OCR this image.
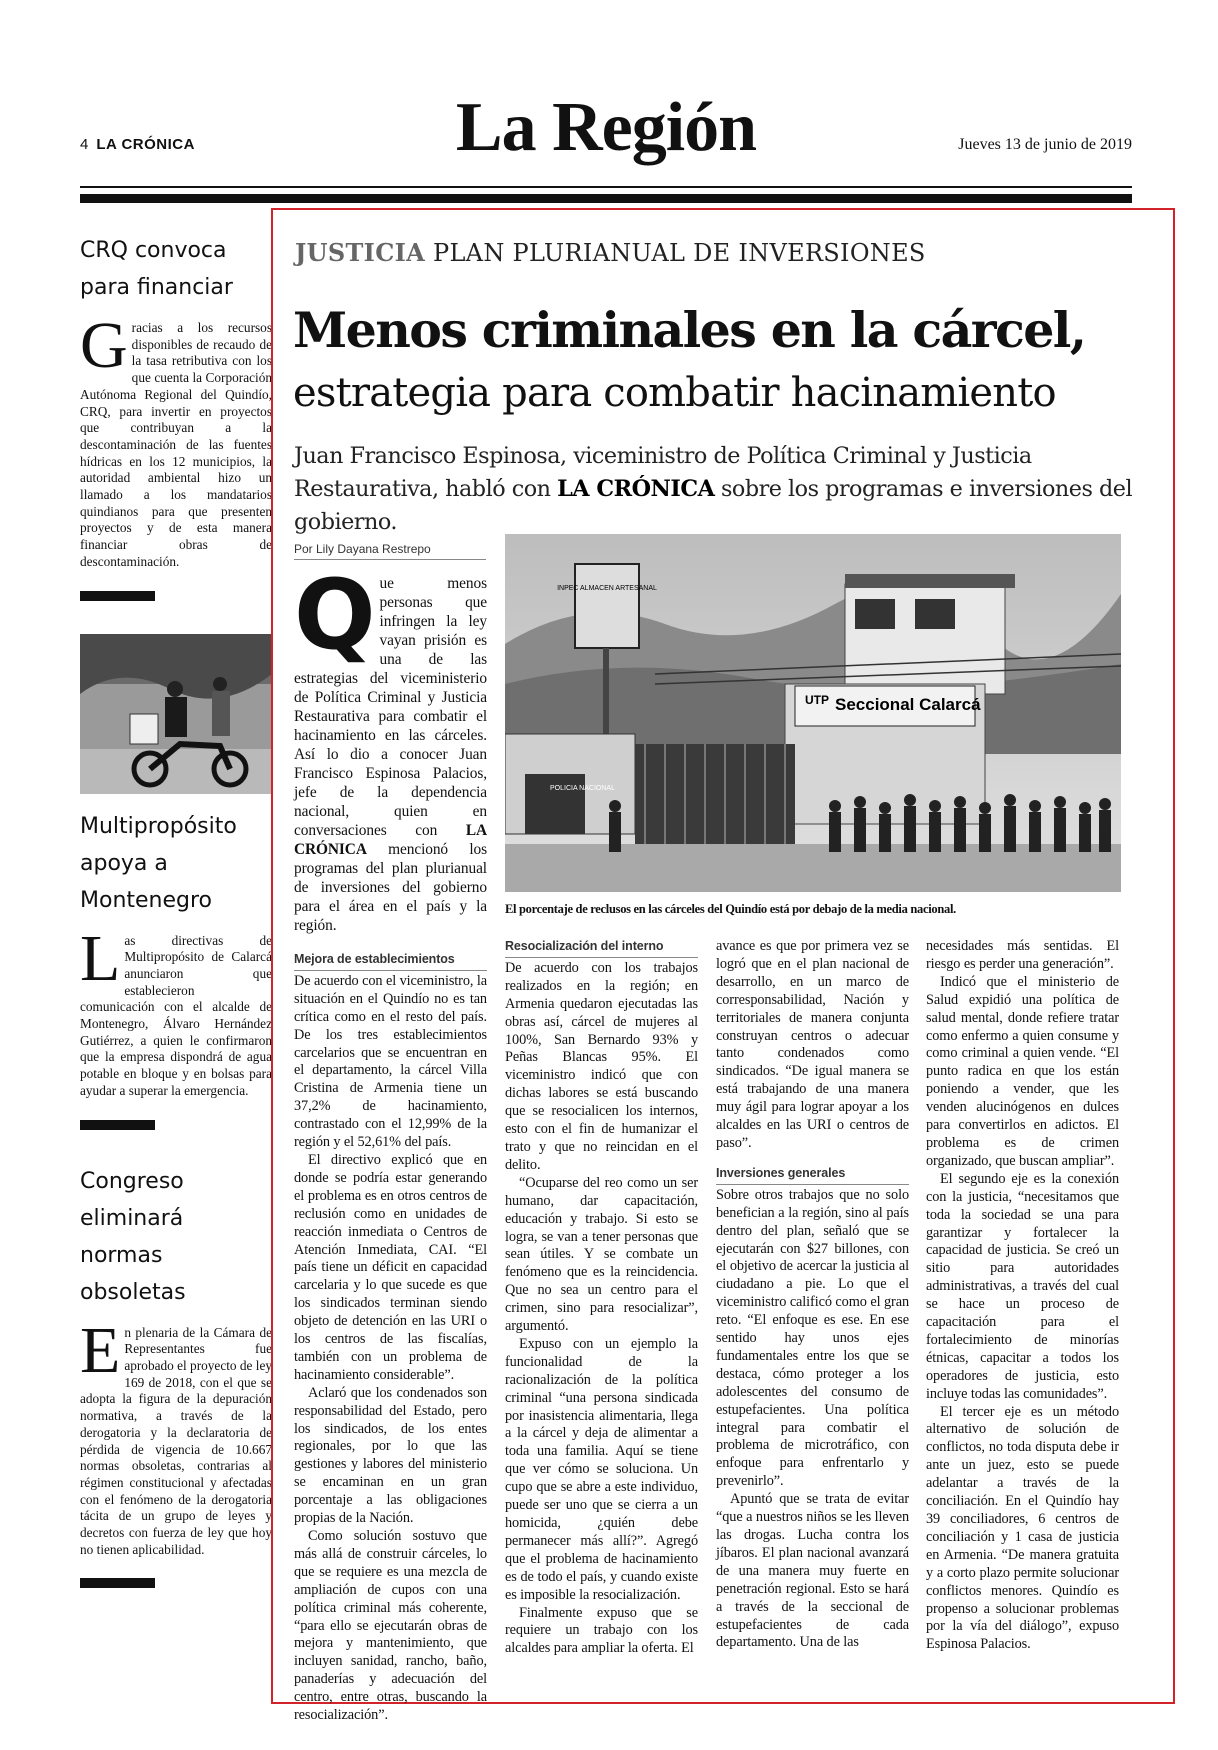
4 LA CRÓNICA	La Región	Jueves 13 de junio de 2019
CRQ convoca para financiar

Gracias a los recursos disponibles de recaudo de la tasa retributiva con los que cuenta la Corporación Autónoma Regional del Quindío, CRQ, para invertir en proyectos que contribuyan a la descontaminación de las fuentes hídricas en los 12 municipios, la autoridad ambiental hizo un llamado a los mandatarios quindianos para que presenten proyectos y de esta manera financiar obras de descontaminación.

Multipropósito apoya a Montenegro

Las directivas de Multipropósito de Calarcá anunciaron que establecieron comunicación con el alcalde de Montenegro, Álvaro Hernández Gutiérrez, a quien le confirmaron que la empresa dispondrá de agua potable en bloque y en bolsas para ayudar a superar la emergencia.

Congreso eliminará normas obsoletas

En plenaria de la Cámara de Representantes fue aprobado el proyecto de ley 169 de 2018, con el que se adopta la figura de la depuración normativa, a través de la derogatoria y la declaratoria de pérdida de vigencia de 10.667 normas obsoletas, contrarias al régimen constitucional y afectadas con el fenómeno de la derogatoria tácita de un grupo de leyes y decretos con fuerza de ley que hoy no tienen aplicabilidad.

JUSTICIA PLAN PLURIANUAL DE INVERSIONES
Menos criminales en la cárcel,
estrategia para combatir hacinamiento
Juan Francisco Espinosa, viceministro de Política Criminal y Justicia Restaurativa, habló con LA CRÓNICA sobre los programas e inversiones del gobierno.
Por Lily Dayana Restrepo
INPEC ALMACEN ARTESANAL
UTP Seccional Calarcá
POLICIA NACIONAL
El porcentaje de reclusos en las cárceles del Quindío está por debajo de la media nacional.

Que menos personas que infringen la ley vayan prisión es una de las estrategias del viceministerio de Política Criminal y Justicia Restaurativa para combatir el hacinamiento en las cárceles. Así lo dio a conocer Juan Francisco Espinosa Palacios, jefe de la dependencia nacional, quien en conversaciones con LA CRÓNICA mencionó los programas del plan plurianual de inversiones del gobierno para el área en el país y la región.

Mejora de establecimientos

De acuerdo con el viceministro, la situación en el Quindío no es tan crítica como en el resto del país. De los tres establecimientos carcelarios que se encuentran en el departamento, la cárcel Villa Cristina de Armenia tiene un 37,2% de hacinamiento, contrastado con el 12,99% de la región y el 52,61% del país.

El directivo explicó que en donde se podría estar generando el problema es en otros centros de reclusión como en unidades de reacción inmediata o Centros de Atención Inmediata, CAI. “El país tiene un déficit en capacidad carcelaria y lo que sucede es que los sindicados terminan siendo objeto de detención en las URI o los centros de las fiscalías, también con un problema de hacinamiento considerable”.

Aclaró que los condenados son responsabilidad del Estado, pero los sindicados, de los entes regionales, por lo que las gestiones y labores del ministerio se encaminan en un gran porcentaje a las obligaciones propias de la Nación.

Como solución sostuvo que más allá de construir cárceles, lo que se requiere es una mezcla de ampliación de cupos con una política criminal más coherente, “para ello se ejecutarán obras de mejora y mantenimiento, que incluyen sanidad, rancho, baño, panaderías y adecuación del centro, entre otras, buscando la resocialización”.

Resocialización del interno

De acuerdo con los trabajos realizados en la región; en Armenia quedaron ejecutadas las obras así, cárcel de mujeres al 100%, San Bernardo 93% y Peñas Blancas 95%. El viceministro indicó que con dichas labores se está buscando que se resocialicen los internos, esto con el fin de humanizar el trato y que no reincidan en el delito.

“Ocuparse del reo como un ser humano, dar capacitación, educación y trabajo. Si esto se logra, se van a tener personas que sean útiles. Y se combate un fenómeno que es la reincidencia. Que no sea un centro para el crimen, sino para resocializar”, argumentó.

Expuso con un ejemplo la funcionalidad de la racionalización de la política criminal “una persona sindicada por inasistencia alimentaria, llega a la cárcel y deja de alimentar a toda una familia. Aquí se tiene que ver cómo se soluciona. Un cupo que se abre a este individuo, puede ser uno que se cierra a un homicida, ¿quién debe permanecer más allí?”. Agregó que el problema de hacinamiento es de todo el país, y cuando existe es imposible la resocialización.

Finalmente expuso que se requiere un trabajo con los alcaldes para ampliar la oferta. El

avance es que por primera vez se logró que en el plan nacional de desarrollo, en un marco de corresponsabilidad, Nación y territoriales de manera conjunta construyan centros o adecuar tanto condenados como sindicados. “De igual manera se está trabajando de una manera muy ágil para lograr apoyar a los alcaldes en las URI o centros de paso”.

Inversiones generales

Sobre otros trabajos que no solo benefician a la región, sino al país dentro del plan, señaló que se ejecutarán con $27 billones, con el objetivo de acercar la justicia al ciudadano a pie. Lo que el viceministro calificó como el gran reto. “El enfoque es ese. En ese sentido hay unos ejes fundamentales entre los que se destaca, cómo proteger a los adolescentes del consumo de estupefacientes. Una política integral para combatir el problema de microtráfico, con enfoque para enfrentarlo y prevenirlo”.

Apuntó que se trata de evitar “que a nuestros niños se les lleven las drogas. Lucha contra los jíbaros. El plan nacional avanzará de una manera muy fuerte en penetración regional. Esto se hará a través de la seccional de estupefacientes de cada departamento. Una de las

necesidades más sentidas. El riesgo es perder una generación”.

Indicó que el ministerio de Salud expidió una política de salud mental, donde refiere tratar como enfermo a quien consume y como criminal a quien vende. “El punto radica en que los están poniendo a vender, que les venden alucinógenos en dulces para convertirlos en adictos. El problema es de crimen organizado, que buscan ampliar”.

El segundo eje es la conexión con la justicia, “necesitamos que toda la sociedad se una para garantizar y fortalecer la capacidad de justicia. Se creó un sitio para autoridades administrativas, a través del cual se hace un proceso de capacitación para el fortalecimiento de minorías étnicas, capacitar a todos los operadores de justicia, esto incluye todas las comunidades”.

El tercer eje es un método alternativo de solución de conflictos, no toda disputa debe ir ante un juez, esto se puede adelantar a través de la conciliación. En el Quindío hay 39 conciliadores, 6 centros de conciliación y 1 casa de justicia en Armenia. “De manera gratuita y a corto plazo permite solucionar conflictos menores. Quindío es propenso a solucionar problemas por la vía del diálogo”, expuso Espinosa Palacios.
